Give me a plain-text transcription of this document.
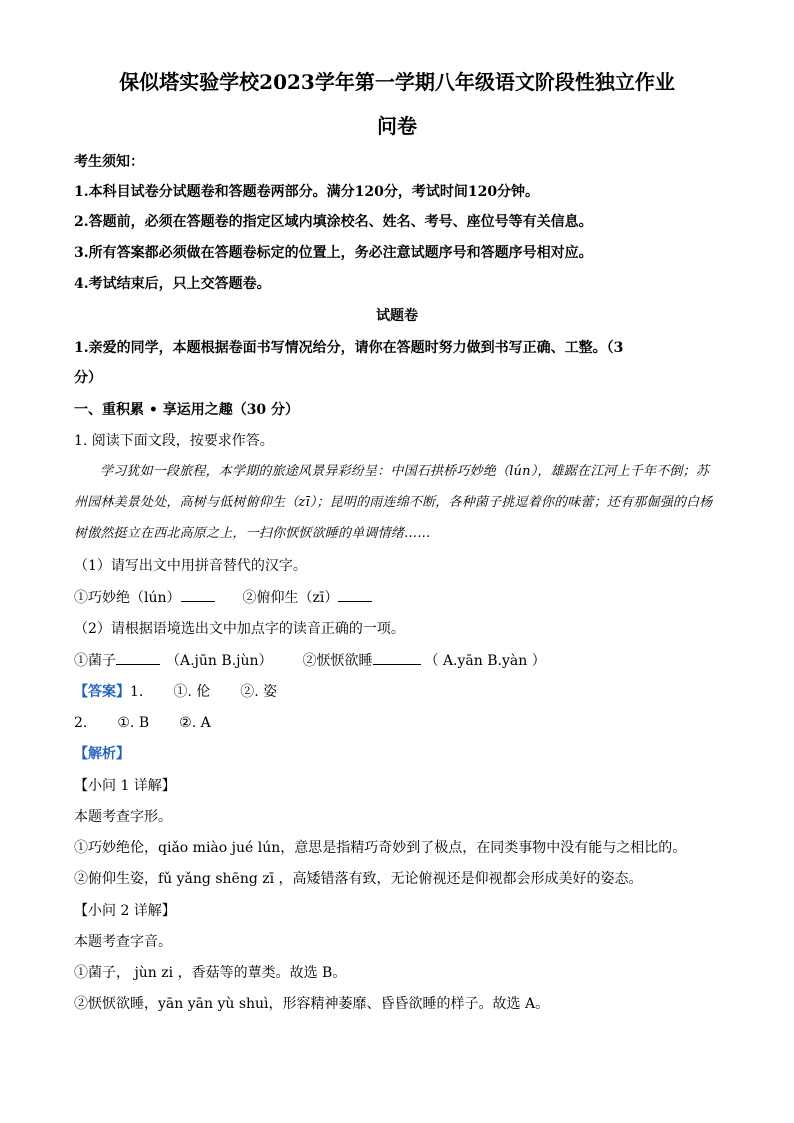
保似塔实验学校2023学年第一学期八年级语文阶段性独立作业
问卷
考生须知：
1.本科目试卷分试题卷和答题卷两部分。满分120分，考试时间120分钟。
2.答题前，必须在答题卷的指定区域内填涂校名、姓名、考号、座位号等有关信息。
3.所有答案都必须做在答题卷标定的位置上，务必注意试题序号和答题序号相对应。
4.考试结束后，只上交答题卷。
试题卷
1.亲爱的同学，本题根据卷面书写情况给分，请你在答题时努力做到书写正确、工整。（3
分）
一、重积累 • 享运用之趣（30 分）
1. 阅读下面文段，按要求作答。
学习犹如一段旅程，本学期的旅途风景异彩纷呈：中国石拱桥巧妙绝（lún），雄踞在江河上千年不倒；苏州园林美景处处，高树与低树俯仰生（zī）；昆明的雨连绵不断，各种菌子挑逗着你的味蕾；还有那倔强的白杨树傲然挺立在西北高原之上，一扫你恹恹欲睡的单调情绪……
（1）请写出文中用拼音替代的汉字。
①巧妙绝（lún）	②俯仰生（zī）
（2）请根据语境选出文中加点字的读音正确的一项。
①菌子	（A.jūn B.jùn） ②恹恹欲睡	（ A.yān B.yàn ）
【答案】1. ①. 伦 ②. 姿
2. ①. B ②. A
【解析】
【小问 1 详解】
本题考查字形。
①巧妙绝伦，qiǎo miào jué lún，意思是指精巧奇妙到了极点，在同类事物中没有能与之相比的。
②俯仰生姿，fǔ yǎng shēng zī ，高矮错落有致，无论俯视还是仰视都会形成美好的姿态。
【小问 2 详解】
本题考查字音。
①菌子， jùn zi ，香菇等的蕈类。故选 B。
②恹恹欲睡，yān yān yù shuì，形容精神萎靡、昏昏欲睡的样子。故选 A。
